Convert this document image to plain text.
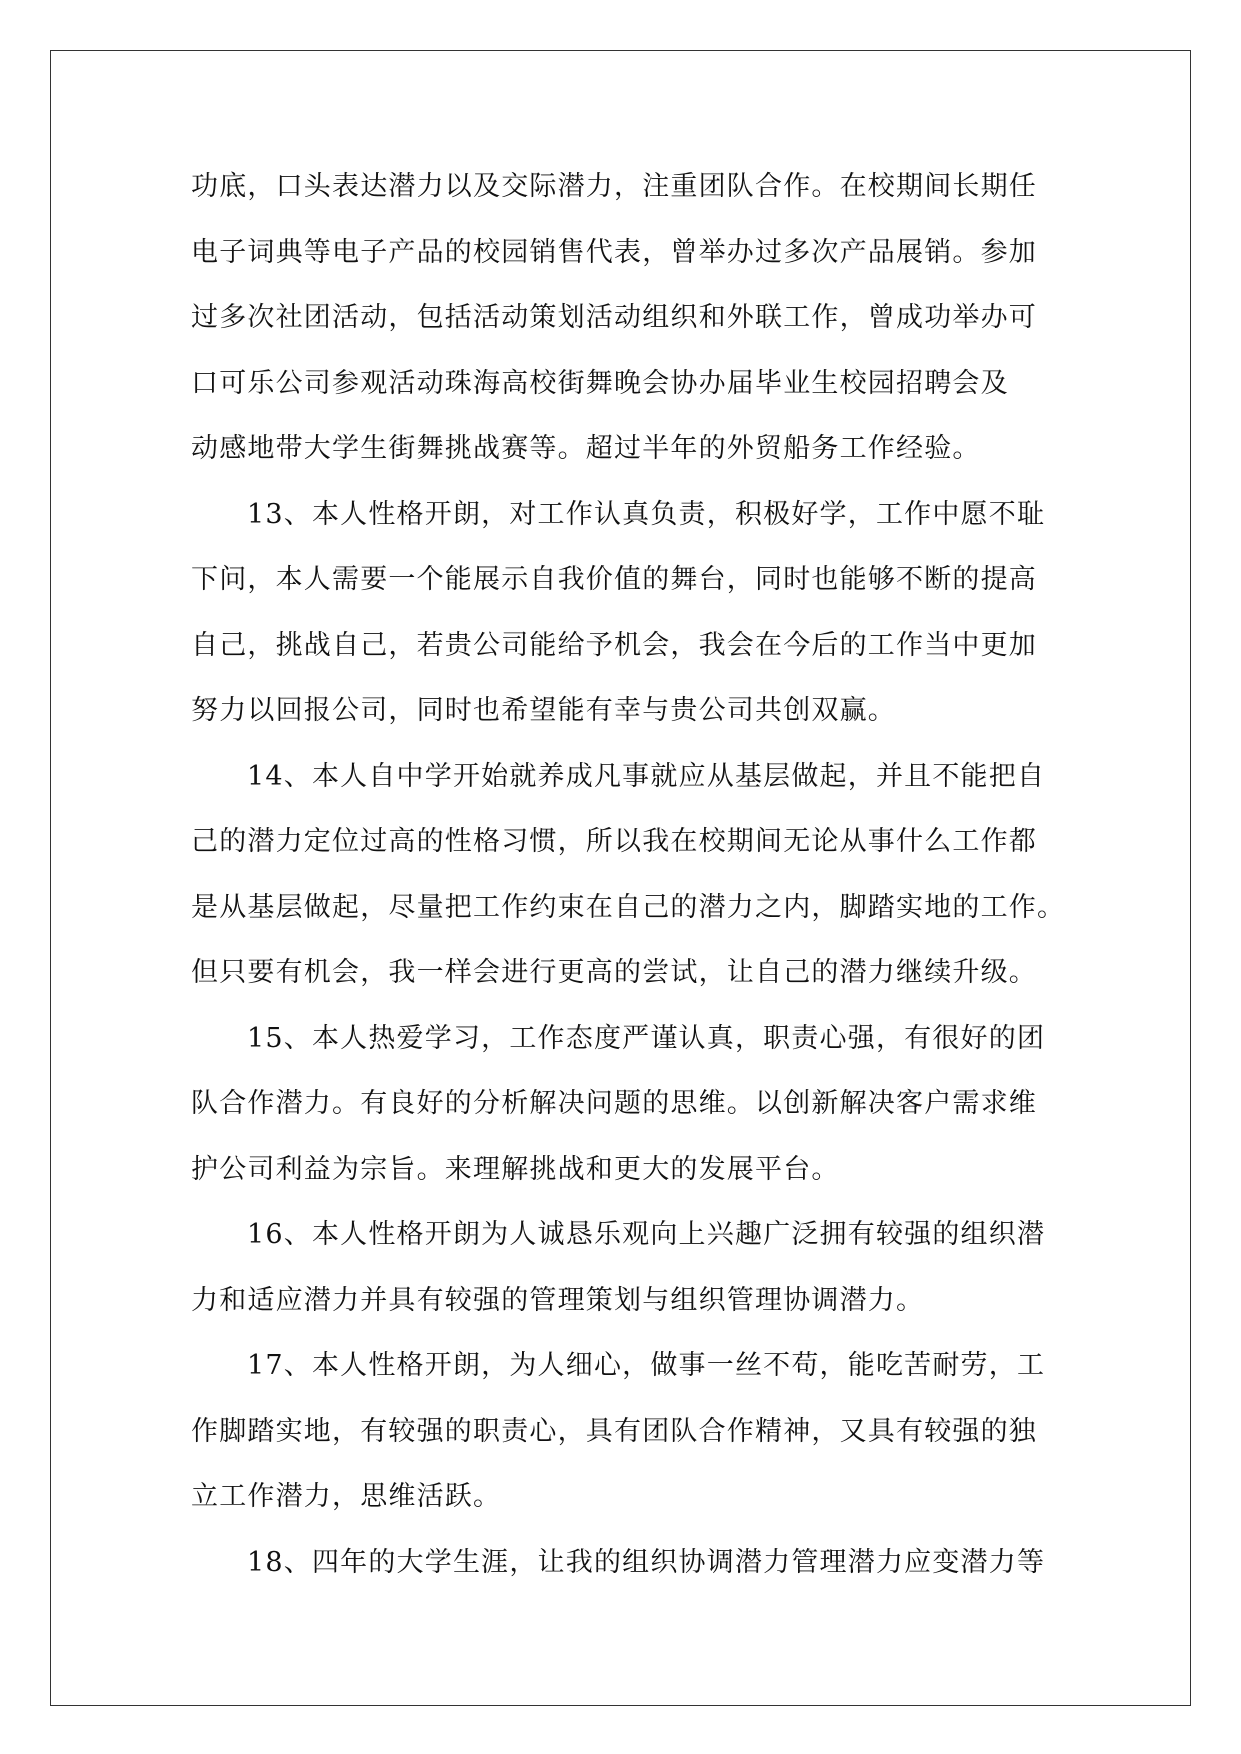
功底，口头表达潜力以及交际潜力，注重团队合作。在校期间长期任
电子词典等电子产品的校园销售代表，曾举办过多次产品展销。参加
过多次社团活动，包括活动策划活动组织和外联工作，曾成功举办可
口可乐公司参观活动珠海高校街舞晚会协办届毕业生校园招聘会及
动感地带大学生街舞挑战赛等。超过半年的外贸船务工作经验。
13、本人性格开朗，对工作认真负责，积极好学，工作中愿不耻
下问，本人需要一个能展示自我价值的舞台，同时也能够不断的提高
自己，挑战自己，若贵公司能给予机会，我会在今后的工作当中更加
努力以回报公司，同时也希望能有幸与贵公司共创双赢。
14、本人自中学开始就养成凡事就应从基层做起，并且不能把自
己的潜力定位过高的性格习惯，所以我在校期间无论从事什么工作都
是从基层做起，尽量把工作约束在自己的潜力之内，脚踏实地的工作。
但只要有机会，我一样会进行更高的尝试，让自己的潜力继续升级。
15、本人热爱学习，工作态度严谨认真，职责心强，有很好的团
队合作潜力。有良好的分析解决问题的思维。以创新解决客户需求维
护公司利益为宗旨。来理解挑战和更大的发展平台。
16、本人性格开朗为人诚恳乐观向上兴趣广泛拥有较强的组织潜
力和适应潜力并具有较强的管理策划与组织管理协调潜力。
17、本人性格开朗，为人细心，做事一丝不苟，能吃苦耐劳，工
作脚踏实地，有较强的职责心，具有团队合作精神，又具有较强的独
立工作潜力，思维活跃。
18、四年的大学生涯，让我的组织协调潜力管理潜力应变潜力等
